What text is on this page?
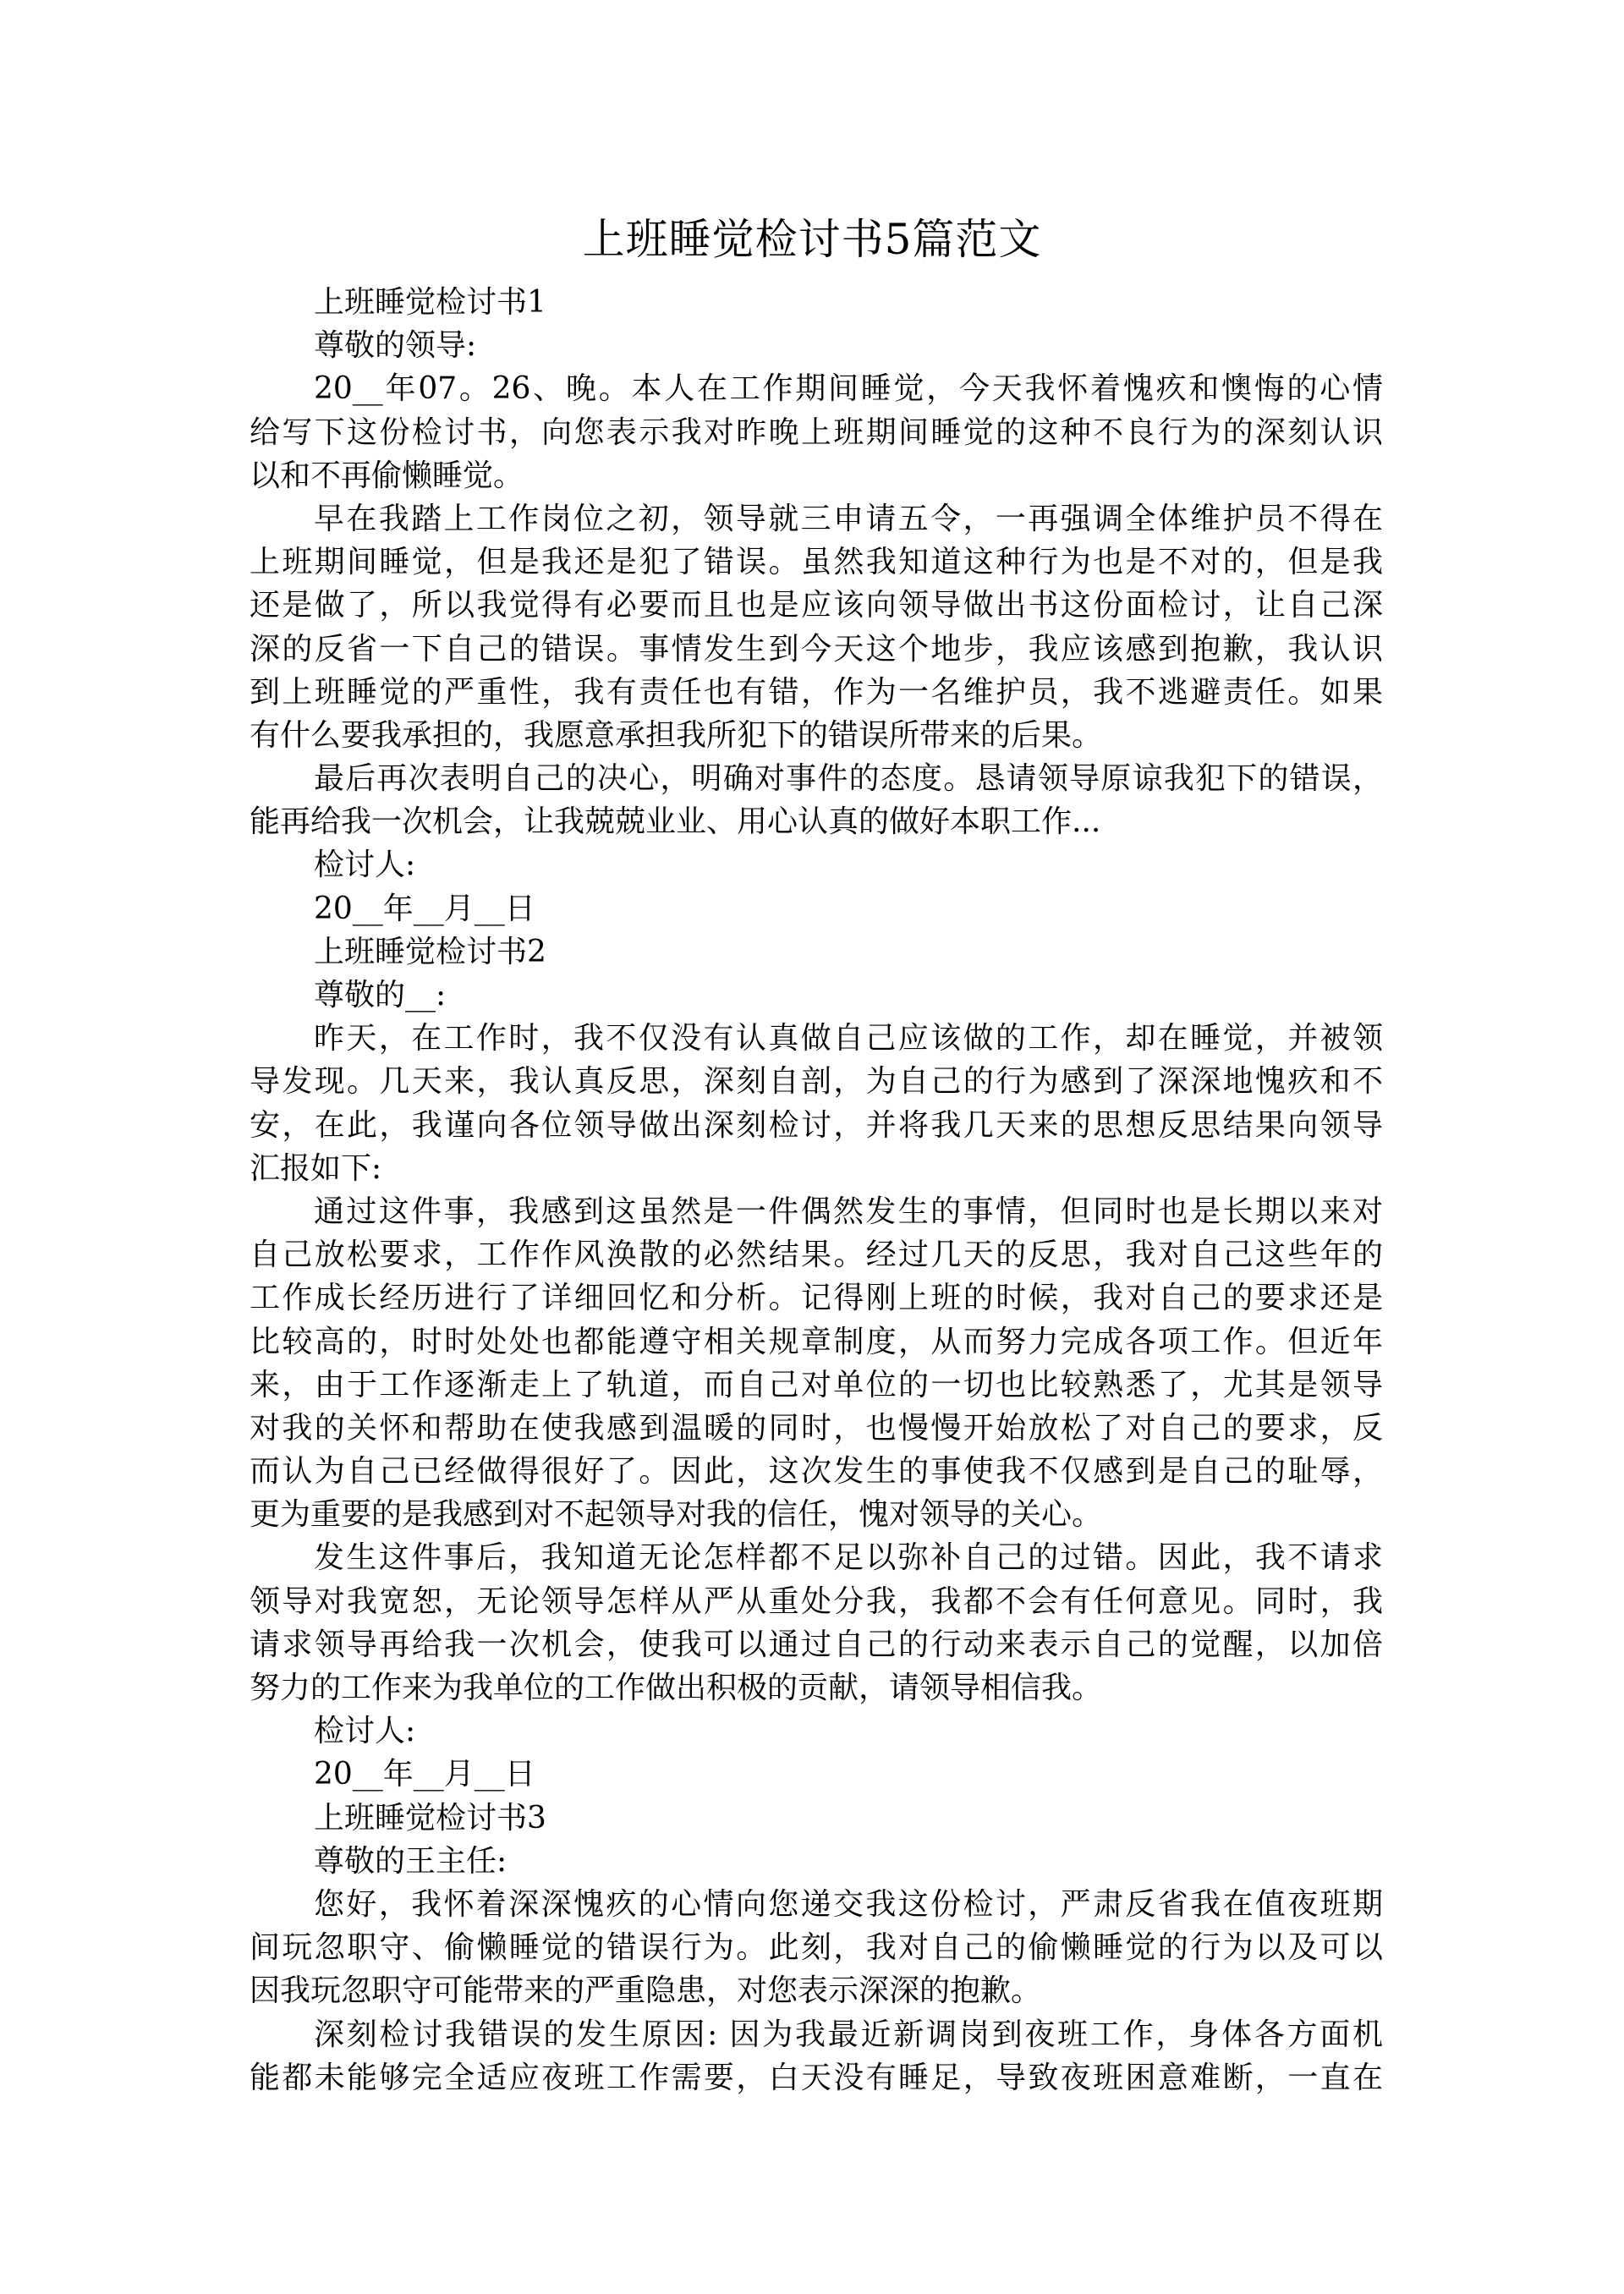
上班睡觉检讨书5篇范文
上班睡觉检讨书1
尊敬的领导:
20__年07。26、晚。本人在工作期间睡觉，今天我怀着愧疚和懊悔的心情
给写下这份检讨书，向您表示我对昨晚上班期间睡觉的这种不良行为的深刻认识
以和不再偷懒睡觉。
早在我踏上工作岗位之初，领导就三申请五令，一再强调全体维护员不得在
上班期间睡觉，但是我还是犯了错误。虽然我知道这种行为也是不对的，但是我
还是做了，所以我觉得有必要而且也是应该向领导做出书这份面检讨，让自己深
深的反省一下自己的错误。事情发生到今天这个地步，我应该感到抱歉，我认识
到上班睡觉的严重性，我有责任也有错，作为一名维护员，我不逃避责任。如果
有什么要我承担的，我愿意承担我所犯下的错误所带来的后果。
最后再次表明自己的决心，明确对事件的态度。恳请领导原谅我犯下的错误，
能再给我一次机会，让我兢兢业业、用心认真的做好本职工作...
检讨人:
20__年__月__日
上班睡觉检讨书2
尊敬的__:
昨天，在工作时，我不仅没有认真做自己应该做的工作，却在睡觉，并被领
导发现。几天来，我认真反思，深刻自剖，为自己的行为感到了深深地愧疚和不
安，在此，我谨向各位领导做出深刻检讨，并将我几天来的思想反思结果向领导
汇报如下:
通过这件事，我感到这虽然是一件偶然发生的事情，但同时也是长期以来对
自己放松要求，工作作风涣散的必然结果。经过几天的反思，我对自己这些年的
工作成长经历进行了详细回忆和分析。记得刚上班的时候，我对自己的要求还是
比较高的，时时处处也都能遵守相关规章制度，从而努力完成各项工作。但近年
来，由于工作逐渐走上了轨道，而自己对单位的一切也比较熟悉了，尤其是领导
对我的关怀和帮助在使我感到温暖的同时，也慢慢开始放松了对自己的要求，反
而认为自己已经做得很好了。因此，这次发生的事使我不仅感到是自己的耻辱，
更为重要的是我感到对不起领导对我的信任，愧对领导的关心。
发生这件事后，我知道无论怎样都不足以弥补自己的过错。因此，我不请求
领导对我宽恕，无论领导怎样从严从重处分我，我都不会有任何意见。同时，我
请求领导再给我一次机会，使我可以通过自己的行动来表示自己的觉醒，以加倍
努力的工作来为我单位的工作做出积极的贡献，请领导相信我。
检讨人:
20__年__月__日
上班睡觉检讨书3
尊敬的王主任:
您好，我怀着深深愧疚的心情向您递交我这份检讨，严肃反省我在值夜班期
间玩忽职守、偷懒睡觉的错误行为。此刻，我对自己的偷懒睡觉的行为以及可以
因我玩忽职守可能带来的严重隐患，对您表示深深的抱歉。
深刻检讨我错误的发生原因: 因为我最近新调岗到夜班工作，身体各方面机
能都未能够完全适应夜班工作需要，白天没有睡足，导致夜班困意难断，一直在
